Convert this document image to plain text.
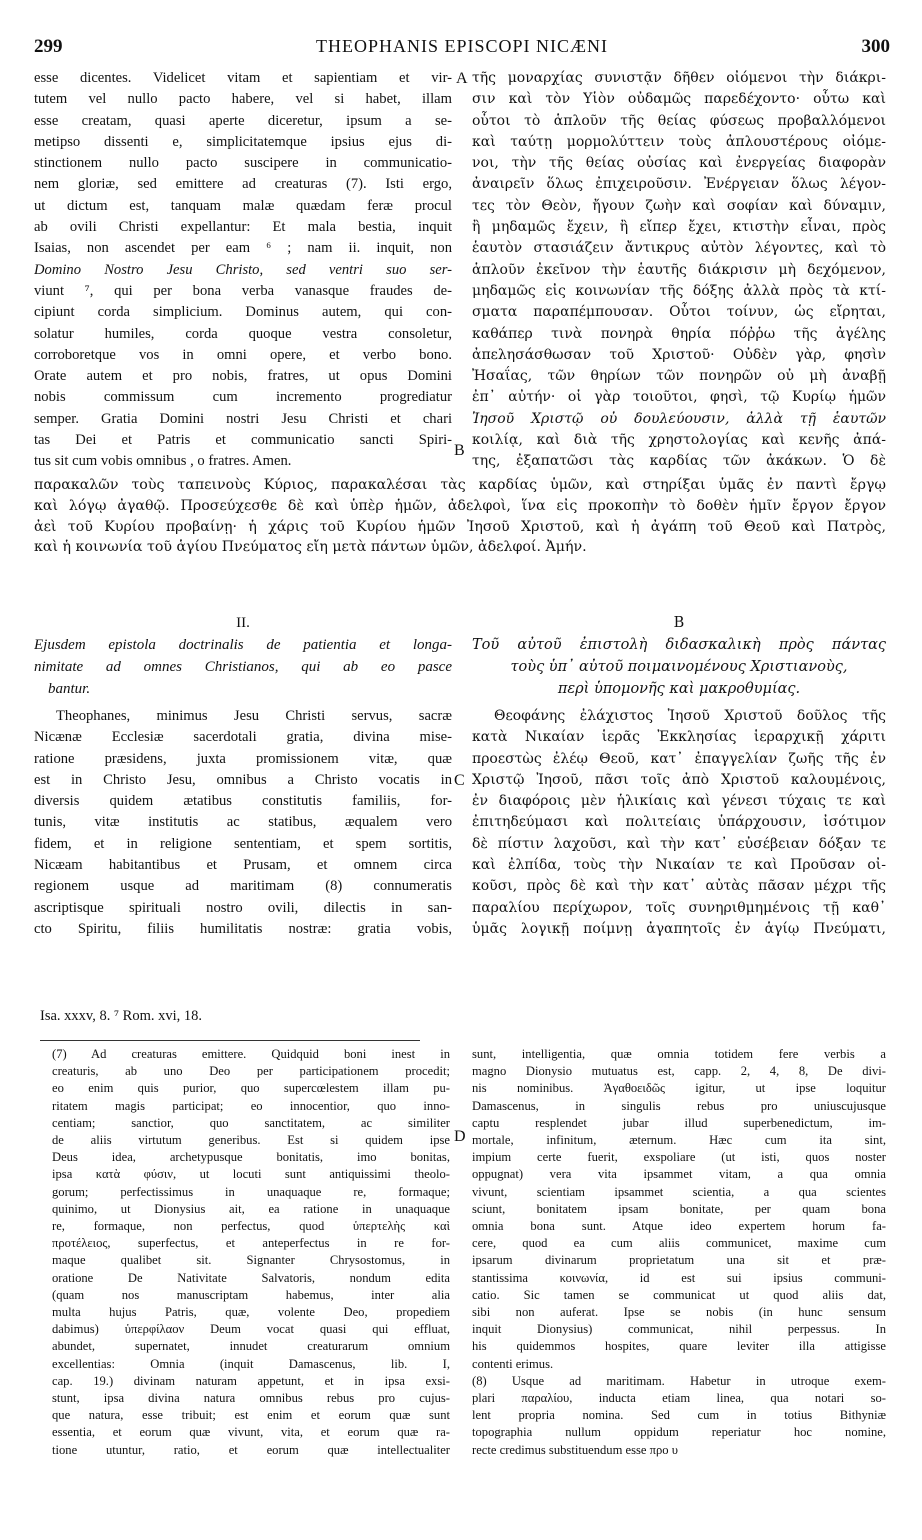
299	THEOPHANIS EPISCOPI NICÆNI	300
esse dicentes. Videlicet vitam et sapientiam et vir-
tutem vel nullo pacto habere, vel si habet, illam
esse creatam, quasi aperte diceretur, ipsum a se-
metipso dissenti e, simplicitatemque ipsius ejus di-
stinctionem nullo pacto suscipere in communicatio-
nem gloriæ, sed emittere ad creaturas (7). Isti ergo,
ut dictum est, tanquam malæ quædam feræ procul
ab ovili Christi expellantur: Et mala bestia, inquit
Isaias, non ascendet per eam ⁶ ; nam ii. inquit, non
Domino Nostro Jesu Christo, sed ventri suo ser-
viunt ⁷, qui per bona verba vanasque fraudes de-
cipiunt corda simplicium. Dominus autem, qui con-
solatur humiles, corda quoque vestra consoletur,
corroboretque vos in omni opere, et verbo bono.
Orate autem et pro nobis, fratres, ut opus Domini
nobis commissum cum incremento progrediatur
semper. Gratia Domini nostri Jesu Christi et chari
tas Dei et Patris et communicatio sancti Spiri-
tus sit cum vobis omnibus , o fratres. Amen.
A
B
τῆς μοναρχίας συνιστᾷν δῆθεν οἰόμενοι τὴν διάκρι-
σιν καὶ τὸν Υἱὸν οὐδαμῶς παρεδέχοντο· οὗτω καὶ
οὗτοι τὸ ἁπλοῦν τῆς θείας φύσεως προβαλλόμενοι
καὶ ταύτῃ μορμολύττειν τοὺς ἁπλουστέρους οἰόμε-
νοι, τὴν τῆς θείας οὐσίας καὶ ἐνεργείας διαφορὰν
ἀναιρεῖν ὅλως ἐπιχειροῦσιν. Ἐνέργειαν ὅλως λέγον-
τες τὸν Θεὸν, ἤγουν ζωὴν καὶ σοφίαν καὶ δύναμιν,
ἢ μηδαμῶς ἔχειν, ἢ εἴπερ ἔχει, κτιστὴν εἶναι, πρὸς
ἑαυτὸν στασιάζειν ἄντικρυς αὐτὸν λέγοντες, καὶ τὸ
ἁπλοῦν ἐκεῖνον τὴν ἑαυτῆς διάκρισιν μὴ δεχόμενον,
μηδαμῶς εἰς κοινωνίαν τῆς δόξης ἀλλὰ πρὸς τὰ κτί-
σματα παραπέμπουσαν. Οὗτοι τοίνυν, ὡς εἴρηται,
καθάπερ τινὰ πονηρὰ θηρία πόῤῥω τῆς ἀγέλης
ἀπελησάσθωσαν τοῦ Χριστοῦ· Οὐδὲν γὰρ, φησὶν
Ἠσαΐας, τῶν θηρίων τῶν πονηρῶν οὐ μὴ ἀναβῇ
ἐπ᾽ αὐτήν· οἱ γὰρ τοιοῦτοι, φησὶ, τῷ Κυρίῳ ἡμῶν
Ἰησοῦ Χριστῷ οὐ δουλεύουσιν, ἀλλὰ τῇ ἑαυτῶν
κοιλίᾳ, καὶ διὰ τῆς χρηστολογίας καὶ κενῆς ἀπά-
της, ἐξαπατῶσι τὰς καρδίας τῶν ἀκάκων. Ὁ δὲ
παρακαλῶν τοὺς ταπεινοὺς Κύριος, παρακαλέσαι τὰς καρδίας ὑμῶν, καὶ στηρίξαι ὑμᾶς ἐν παντὶ ἔργῳ
καὶ λόγῳ ἀγαθῷ. Προσεύχεσθε δὲ καὶ ὑπὲρ ἡμῶν, ἀδελφοὶ, ἵνα εἰς προκοπὴν τὸ δοθὲν ἡμῖν ἔργον ἔργον
ἀεὶ τοῦ Κυρίου προβαίνῃ· ἡ χάρις τοῦ Κυρίου ἡμῶν Ἰησοῦ Χριστοῦ, καὶ ἡ ἀγάπη τοῦ Θεοῦ καὶ Πατρὸς,
καὶ ἡ κοινωνία τοῦ ἁγίου Πνεύματος εἴη μετὰ πάντων ὑμῶν, ἀδελφοί. Ἀμήν.
II.
Ejusdem epistola doctrinalis de patientia et longa-
nimitate ad omnes Christianos, qui ab eo pasce
bantur.
B
Τοῦ αὐτοῦ ἐπιστολὴ διδασκαλικὴ πρὸς πάντας
τοὺς ὑπ᾽ αὐτοῦ ποιμαινομένους Χριστιανοὺς,
περὶ ὑπομονῆς καὶ μακροθυμίας.
Theophanes, minimus Jesu Christi servus, sacræ
Nicænæ Ecclesiæ sacerdotali gratia, divina mise-
ratione præsidens, juxta promissionem vitæ, quæ
est in Christo Jesu, omnibus a Christo vocatis in
diversis quidem ætatibus constitutis familiis, for-
tunis, vitæ institutis ac statibus, æqualem vero
fidem, et in religione sententiam, et spem sortitis,
Nicæam habitantibus et Prusam, et omnem circa
regionem usque ad maritimam (8) connumeratis
ascriptisque spirituali nostro ovili, dilectis in san-
cto Spiritu, filiis humilitatis nostræ: gratia vobis,
C
Θεοφάνης ἐλάχιστος Ἰησοῦ Χριστοῦ δοῦλος τῆς
κατὰ Νικαίαν ἱερᾶς Ἐκκλησίας ἱεραρχικῇ χάριτι
προεστὼς ἐλέῳ Θεοῦ, κατ᾽ ἐπαγγελίαν ζωῆς τῆς ἐν
Χριστῷ Ἰησοῦ, πᾶσι τοῖς ἀπὸ Χριστοῦ καλουμένοις,
ἐν διαφόροις μὲν ἡλικίαις καὶ γένεσι τύχαις τε καὶ
ἐπιτηδεύμασι καὶ πολιτείαις ὑπάρχουσιν, ἰσότιμον
δὲ πίστιν λαχοῦσι, καὶ τὴν κατ᾽ εὐσέβειαν δόξαν τε
καὶ ἐλπίδα, τοὺς τὴν Νικαίαν τε καὶ Προῦσαν οἰ-
κοῦσι, πρὸς δὲ καὶ τὴν κατ᾽ αὐτὰς πᾶσαν μέχρι τῆς
παραλίου περίχωρον, τοῖς συνηριθμημένοις τῇ καθ᾽
ὑμᾶς λογικῇ ποίμνῃ ἀγαπητοῖς ἐν ἁγίῳ Πνεύματι,
Isa. xxxv, 8. ⁷ Rom. xvi, 18.
(7) Ad creaturas emittere. Quidquid boni inest in
creaturis, ab uno Deo per participationem procedit;
eo enim quis purior, quo supercœlestem illam pu-
ritatem magis participat; eo innocentior, quo inno-
centiam; sanctior, quo sanctitatem, ac similiter
de aliis virtutum generibus. Est si quidem ipse
Deus idea, archetypusque bonitatis, imo bonitas,
ipsa κατὰ φύσιν, ut locuti sunt antiquissimi theolo-
gorum; perfectissimus in unaquaque re, formaque;
quinimo, ut Dionysius ait, ea ratione in unaquaque
re, formaque, non perfectus, quod ὑπερτελὴς καὶ
προτέλειος, superfectus, et anteperfectus in re for-
maque qualibet sit. Signanter Chrysostomus, in
oratione De Nativitate Salvatoris, nondum edita
(quam nos manuscriptam habemus, inter alia
multa hujus Patris, quæ, volente Deo, propediem
dabimus) ὑπερφίλαον Deum vocat quasi qui effluat,
abundet, supernatet, innudet creaturarum omnium
excellentias: Omnia (inquit Damascenus, lib. I,
cap. 19.) divinam naturam appetunt, et in ipsa exsi-
stunt, ipsa divina natura omnibus rebus pro cujus-
que natura, esse tribuit; est enim et eorum quæ sunt
essentia, et eorum quæ vivunt, vita, et eorum quæ ra-
tione utuntur, ratio, et eorum quæ intellectualiter
D
sunt, intelligentia, quæ omnia totidem fere verbis a
magno Dionysio mutuatus est, capp. 2, 4, 8, De divi-
nis nominibus. Ἀγαθοειδῶς igitur, ut ipse loquitur
Damascenus, in singulis rebus pro uniuscujusque
captu resplendet jubar illud superbenedictum, im-
mortale, infinitum, æternum. Hæc cum ita sint,
impium certe fuerit, exspoliare (ut isti, quos noster
oppugnat) vera vita ipsammet vitam, a qua omnia
vivunt, scientiam ipsammet scientia, a qua scientes
sciunt, bonitatem ipsam bonitate, per quam bona
omnia bona sunt. Atque ideo expertem horum fa-
cere, quod ea cum aliis communicet, maxime cum
ipsarum divinarum proprietatum una sit et præ-
stantissima κοινωνία, id est sui ipsius communi-
catio. Sic tamen se communicat ut quod aliis dat,
sibi non auferat. Ipse se nobis (in hunc sensum
inquit Dionysius) communicat, nihil perpessus. In
his quidemmos hospites, quare leviter illa attigisse
contenti erimus.
(8) Usque ad maritimam. Habetur in utroque exem-
plari παραλίου, inducta etiam linea, qua notari so-
lent propria nomina. Sed cum in totius Bithyniæ
topographia nullum oppidum reperiatur hoc nomine,
recte credimus substituendum esse προ υ
